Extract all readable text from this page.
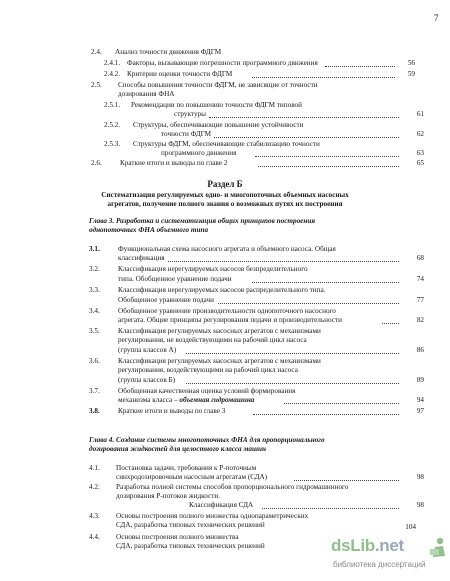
7
2.4. Анализ точности движения ФДГМ
2.4.1. Факторы, вызывающие погрешности программного движения	56
2.4.2. Критерии оценки точности ФДГМ	59
2.5. Способы повышения точности ФДГМ, не зависящие от точности
дозирования ФНА
2.5.1. Рекомендации по повышению точности ФДГМ типовой
структуры	61
2.5.2. Структуры, обеспечивающие повышение устойчивости
точности ФДГМ	62
2.5.3. Структуры ФДГМ, обеспечивающие стабилизацию точности
программного движения	63
2.6.	Краткие итоги и выводы по главе 2	65
Раздел Б
Систематизация регулируемых одно- и многопоточных объемных насосных
агрегатов, получение полного знания о возможных путях их построения
Глава 3. Разработка и систематизация общих принципов построения
однопоточных ФНА объемного типа
3.1.	Функциональная схема насосного агрегата и объемного насоса. Общая
классификация	68
3.2.	Классификация нерегулируемых насосов безпределительного
типа. Обобщенное уравнение подачи	74
3.3.	Классификация нерегулируемых насосов распределительного типа.
Обобщенное уравнение подачи	77
3.4.	Обобщенное уравнение производительности однопоточного насосного
агрегата. Общие принципы регулирования подачи и производительности	82
3.5.	Классификация регулируемых насосных агрегатов с механизмами
регулирования, не воздействующими на рабочий цикл насоса
(группа классов А)	86
3.6.	Классификация регулируемых насосных агрегатов с механизмами
регулирования, воздействующими на рабочий цикл насоса
(группа классов Б)	89
3.7.	Обобщенная качественная оценка условий формирования
механизма класса – объемная гидромашина	94
3.8.	Краткие итоги и выводы по главе 3	97
Глава 4. Создание системы многопоточных ФНА для пропорционального
дозирования жидкостей для целостного класса машин
4.1. Постановка задачи, требования к Р-поточным
синхродозировочным насосным агрегатам (СДА)	98
4.2. Разработка полной системы способов пропорционального гидромашинного
дозирования Р-потоков жидкости.
Классификация СДА	98
4.3. Основы построения полного множества однопараметрических
СДА, разработка типовых технических решений	104
4.4. Основы построения полного множества
СДА, разработка типовых технических решений	dsLib.net
библиотека диссертаций
